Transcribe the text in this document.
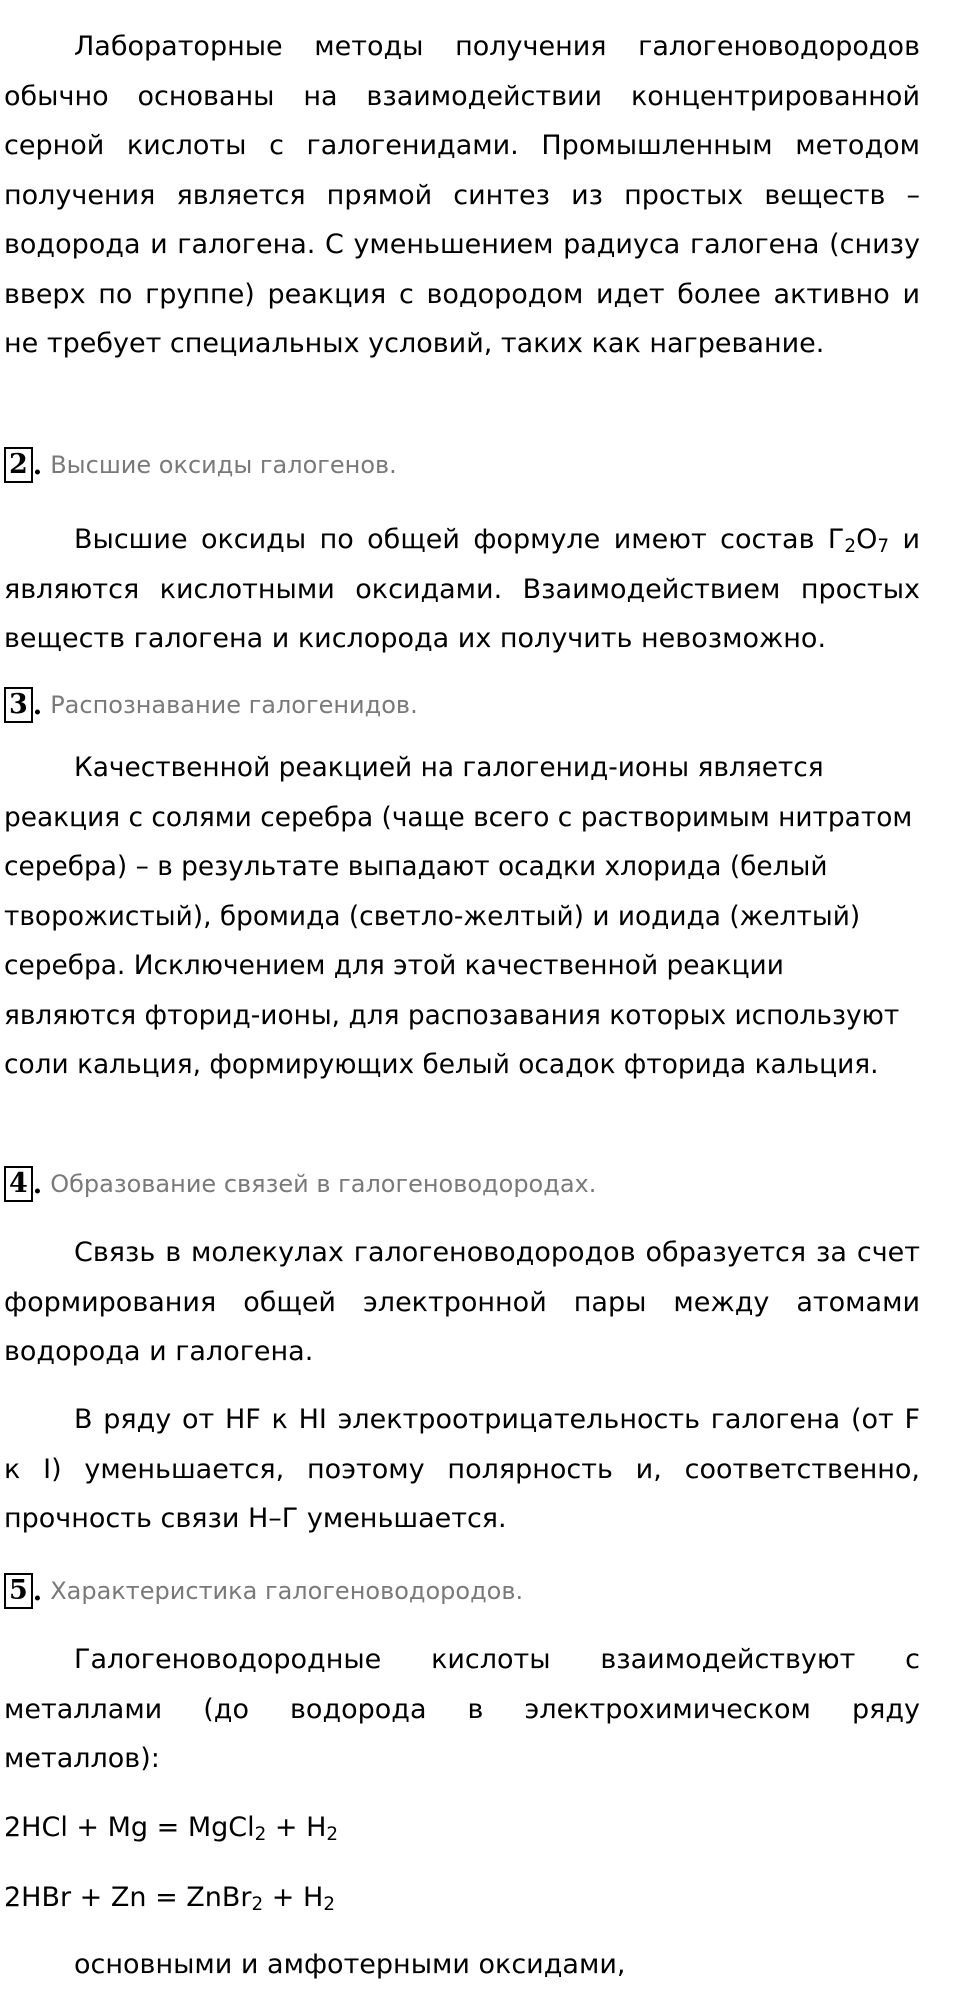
Лабораторные методы получения галогеноводородов обычно основаны на взаимодействии концентрированной серной кислоты с галогенидами. Промышленным методом получения является прямой синтез из простых веществ – водорода и галогена. С уменьшением радиуса галогена (снизу вверх по группе) реакция с водородом идет более активно и не требует специальных условий, таких как нагревание.

2 . Высшие оксиды галогенов.

Высшие оксиды по общей формуле имеют состав $Г_2O_7$ и являются кислотными оксидами. Взаимодействием простых веществ галогена и кислорода их получить невозможно.

3 . Распознавание галогенидов.

Качественной реакцией на галогенид-ионы является реакция с солями серебра (чаще всего с растворимым нитратом серебра) – в результате выпадают осадки хлорида (белый творожистый), бромида (светло-желтый) и иодида (желтый) серебра. Исключением для этой качественной реакции являются фторид-ионы, для распозавания которых используют соли кальция, формирующих белый осадок фторида кальция.

4 . Образование связей в галогеноводородах.

Связь в молекулах галогеноводородов образуется за счет формирования общей электронной пары между атомами водорода и галогена.

В ряду от HF к HI электроотрицательность галогена (от F к I) уменьшается, поэтому полярность и, соответственно, прочность связи H–Г уменьшается.

5 . Характеристика галогеноводородов.

Галогеноводородные кислоты взаимодействуют с металлами (до водорода в электрохимическом ряду металлов):

2HCl + Mg = MgCl$_2$ + $H_2$

2HBr + Zn = ZnBr$_2$ + $H_2$

основными и амфотерными оксидами,
